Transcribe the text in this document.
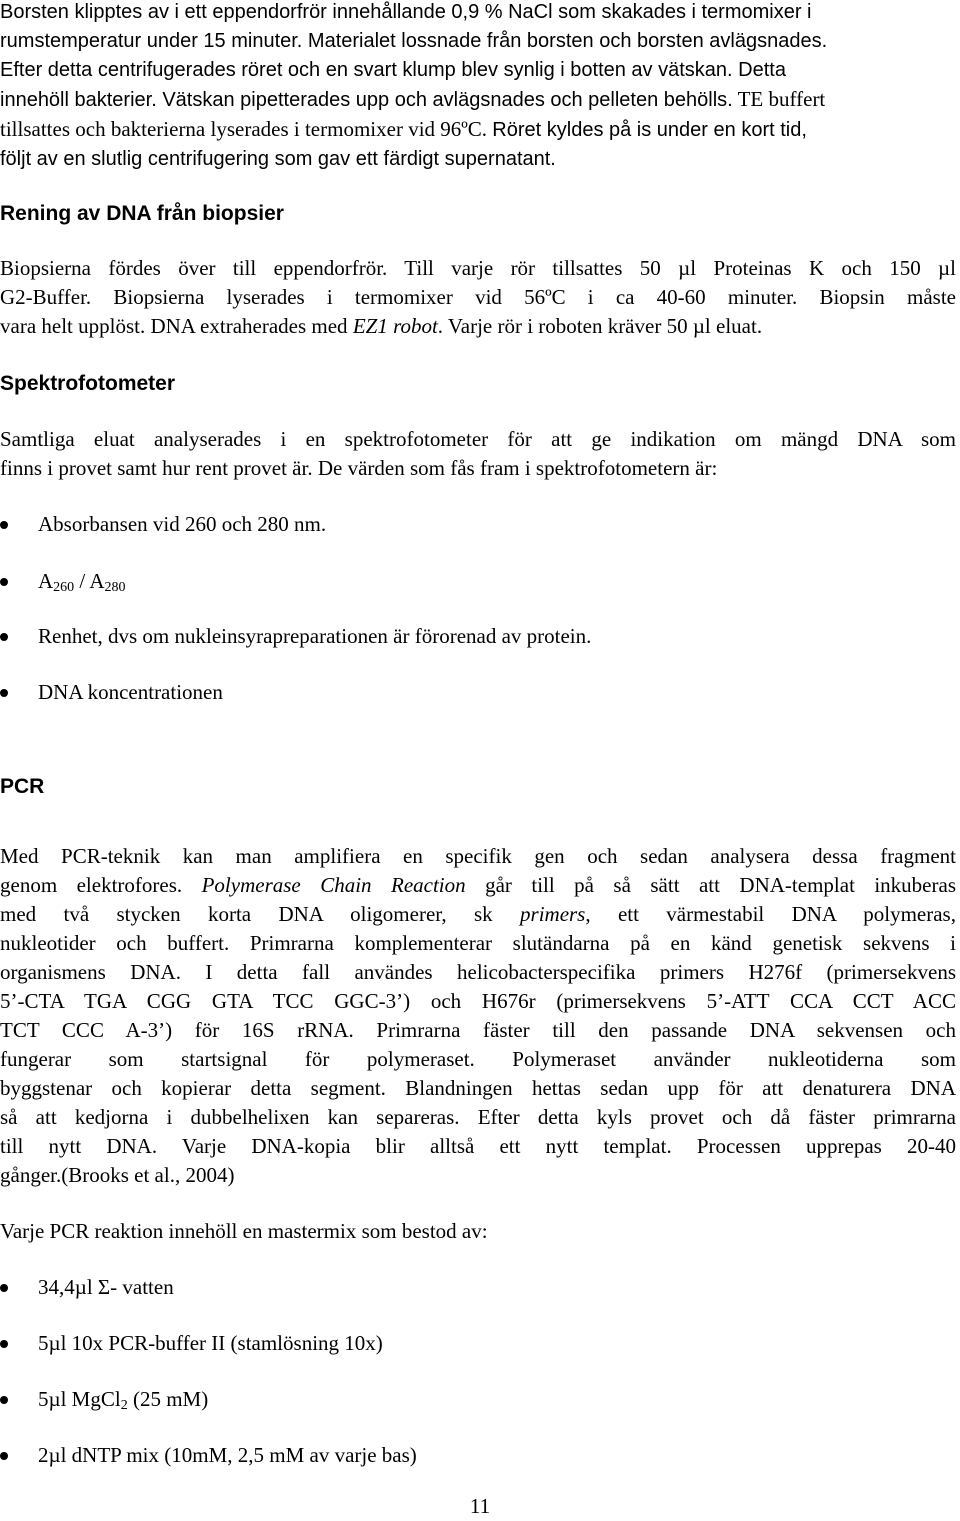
Borsten klipptes av i ett eppendorfrör innehållande 0,9 % NaCl som skakades i termomixer i
rumstemperatur under 15 minuter. Materialet lossnade från borsten och borsten avlägsnades.
Efter detta centrifugerades röret och en svart klump blev synlig i botten av vätskan. Detta
innehöll bakterier. Vätskan pipetterades upp och avlägsnades och pelleten behölls. TE buffert
tillsattes och bakterierna lyserades i termomixer vid 96ºC. Röret kyldes på is under en kort tid,
följt av en slutlig centrifugering som gav ett färdigt supernatant.
Rening av DNA från biopsier
Biopsierna fördes över till eppendorfrör. Till varje rör tillsattes 50 µl Proteinas K och 150 µl
G2-Buffer. Biopsierna lyserades i termomixer vid 56ºC i ca 40-60 minuter. Biopsin måste
vara helt upplöst. DNA extraherades med EZ1 robot. Varje rör i roboten kräver 50 µl eluat.
Spektrofotometer
Samtliga eluat analyserades i en spektrofotometer för att ge indikation om mängd DNA som
finns i provet samt hur rent provet är. De värden som fås fram i spektrofotometern är:
Absorbansen vid 260 och 280 nm.
$A_{260} / A_{280}$
Renhet, dvs om nukleinsyrapreparationen är förorenad av protein.
DNA koncentrationen
PCR
Med PCR-teknik kan man amplifiera en specifik gen och sedan analysera dessa fragment
genom elektrofores. Polymerase Chain Reaction går till på så sätt att DNA-templat inkuberas
med två stycken korta DNA oligomerer, sk primers, ett värmestabil DNA polymeras,
nukleotider och buffert. Primrarna komplementerar slutändarna på en känd genetisk sekvens i
organismens DNA. I detta fall användes helicobacterspecifika primers H276f (primersekvens
5’-CTA TGA CGG GTA TCC GGC-3’) och H676r (primersekvens 5’-ATT CCA CCT ACC
TCT CCC A-3’) för 16S rRNA. Primrarna fäster till den passande DNA sekvensen och
fungerar som startsignal för polymeraset. Polymeraset använder nukleotiderna som
byggstenar och kopierar detta segment. Blandningen hettas sedan upp för att denaturera DNA
så att kedjorna i dubbelhelixen kan separeras. Efter detta kyls provet och då fäster primrarna
till nytt DNA. Varje DNA-kopia blir alltså ett nytt templat. Processen upprepas 20-40
gånger.(Brooks et al., 2004)
Varje PCR reaktion innehöll en mastermix som bestod av:
34,4µl Σ- vatten
5µl 10x PCR-buffer II (stamlösning 10x)
5µl MgCl$_2$ (25 mM)
2µl dNTP mix (10mM, 2,5 mM av varje bas)
11
